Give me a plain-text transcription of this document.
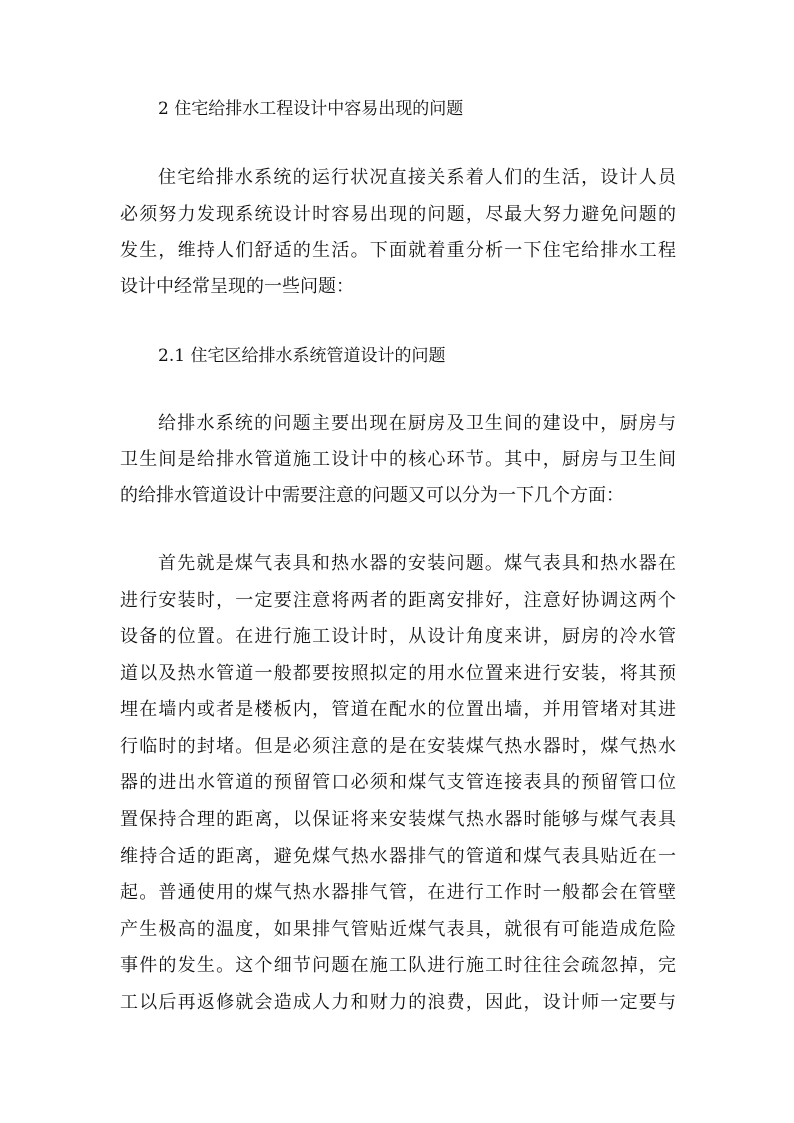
2 住宅给排水工程设计中容易出现的问题
住宅给排水系统的运行状况直接关系着人们的生活，设计人员
必须努力发现系统设计时容易出现的问题，尽最大努力避免问题的
发生，维持人们舒适的生活。下面就着重分析一下住宅给排水工程
设计中经常呈现的一些问题：
2.1 住宅区给排水系统管道设计的问题
给排水系统的问题主要出现在厨房及卫生间的建设中，厨房与
卫生间是给排水管道施工设计中的核心环节。其中，厨房与卫生间
的给排水管道设计中需要注意的问题又可以分为一下几个方面：
首先就是煤气表具和热水器的安装问题。煤气表具和热水器在
进行安装时，一定要注意将两者的距离安排好，注意好协调这两个
设备的位置。在进行施工设计时，从设计角度来讲，厨房的冷水管
道以及热水管道一般都要按照拟定的用水位置来进行安装，将其预
埋在墙内或者是楼板内，管道在配水的位置出墙，并用管堵对其进
行临时的封堵。但是必须注意的是在安装煤气热水器时，煤气热水
器的进出水管道的预留管口必须和煤气支管连接表具的预留管口位
置保持合理的距离，以保证将来安装煤气热水器时能够与煤气表具
维持合适的距离，避免煤气热水器排气的管道和煤气表具贴近在一
起。普通使用的煤气热水器排气管，在进行工作时一般都会在管壁
产生极高的温度，如果排气管贴近煤气表具，就很有可能造成危险
事件的发生。这个细节问题在施工队进行施工时往往会疏忽掉，完
工以后再返修就会造成人力和财力的浪费，因此，设计师一定要与
